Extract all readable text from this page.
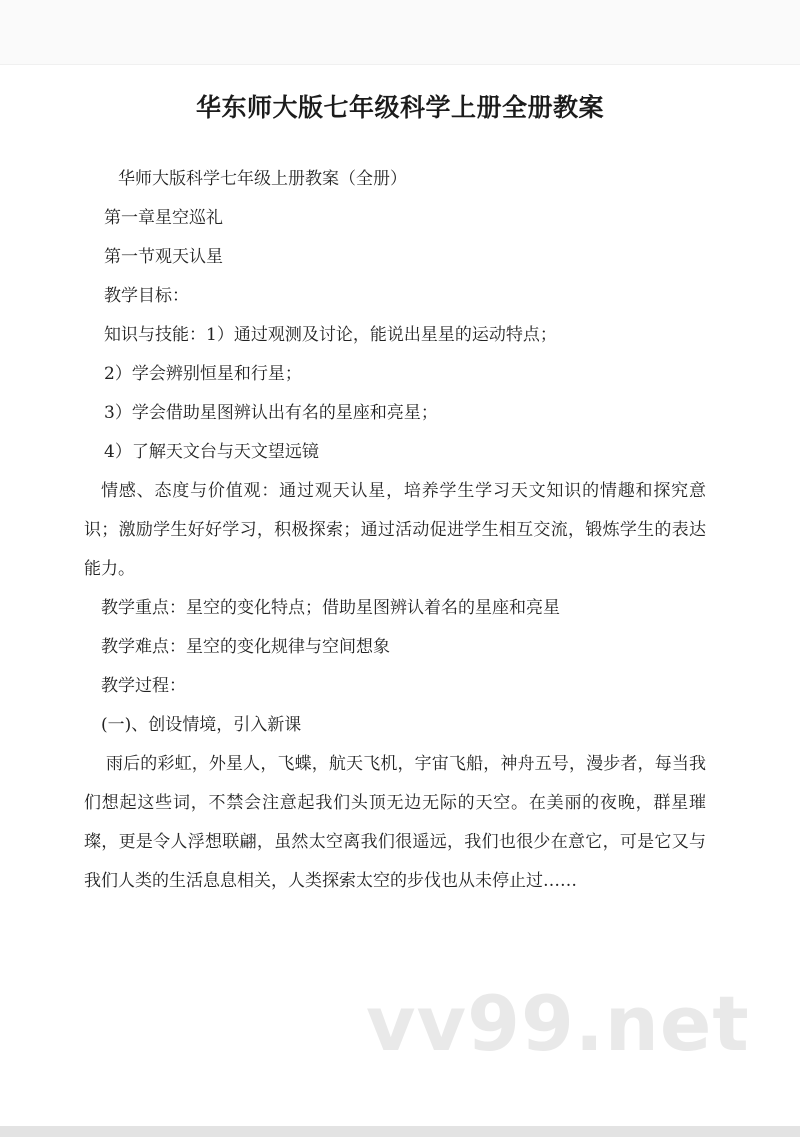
华东师大版七年级科学上册全册教案

华师大版科学七年级上册教案（全册）

第一章星空巡礼

第一节观天认星

教学目标：

知识与技能：1）通过观测及讨论，能说出星星的运动特点；

2）学会辨别恒星和行星；

3）学会借助星图辨认出有名的星座和亮星；

4）了解天文台与天文望远镜

情感、态度与价值观：通过观天认星，培养学生学习天文知识的情趣和探究意识；激励学生好好学习，积极探索；通过活动促进学生相互交流，锻炼学生的表达能力。

教学重点：星空的变化特点；借助星图辨认着名的星座和亮星

教学难点：星空的变化规律与空间想象

教学过程：

(一)、创设情境，引入新课

雨后的彩虹，外星人，飞蝶，航天飞机，宇宙飞船，神舟五号，漫步者，每当我们想起这些词，不禁会注意起我们头顶无边无际的天空。在美丽的夜晚，群星璀璨，更是令人浮想联翩，虽然太空离我们很遥远，我们也很少在意它，可是它又与我们人类的生活息息相关，人类探索太空的步伐也从未停止过……

vv99.net
